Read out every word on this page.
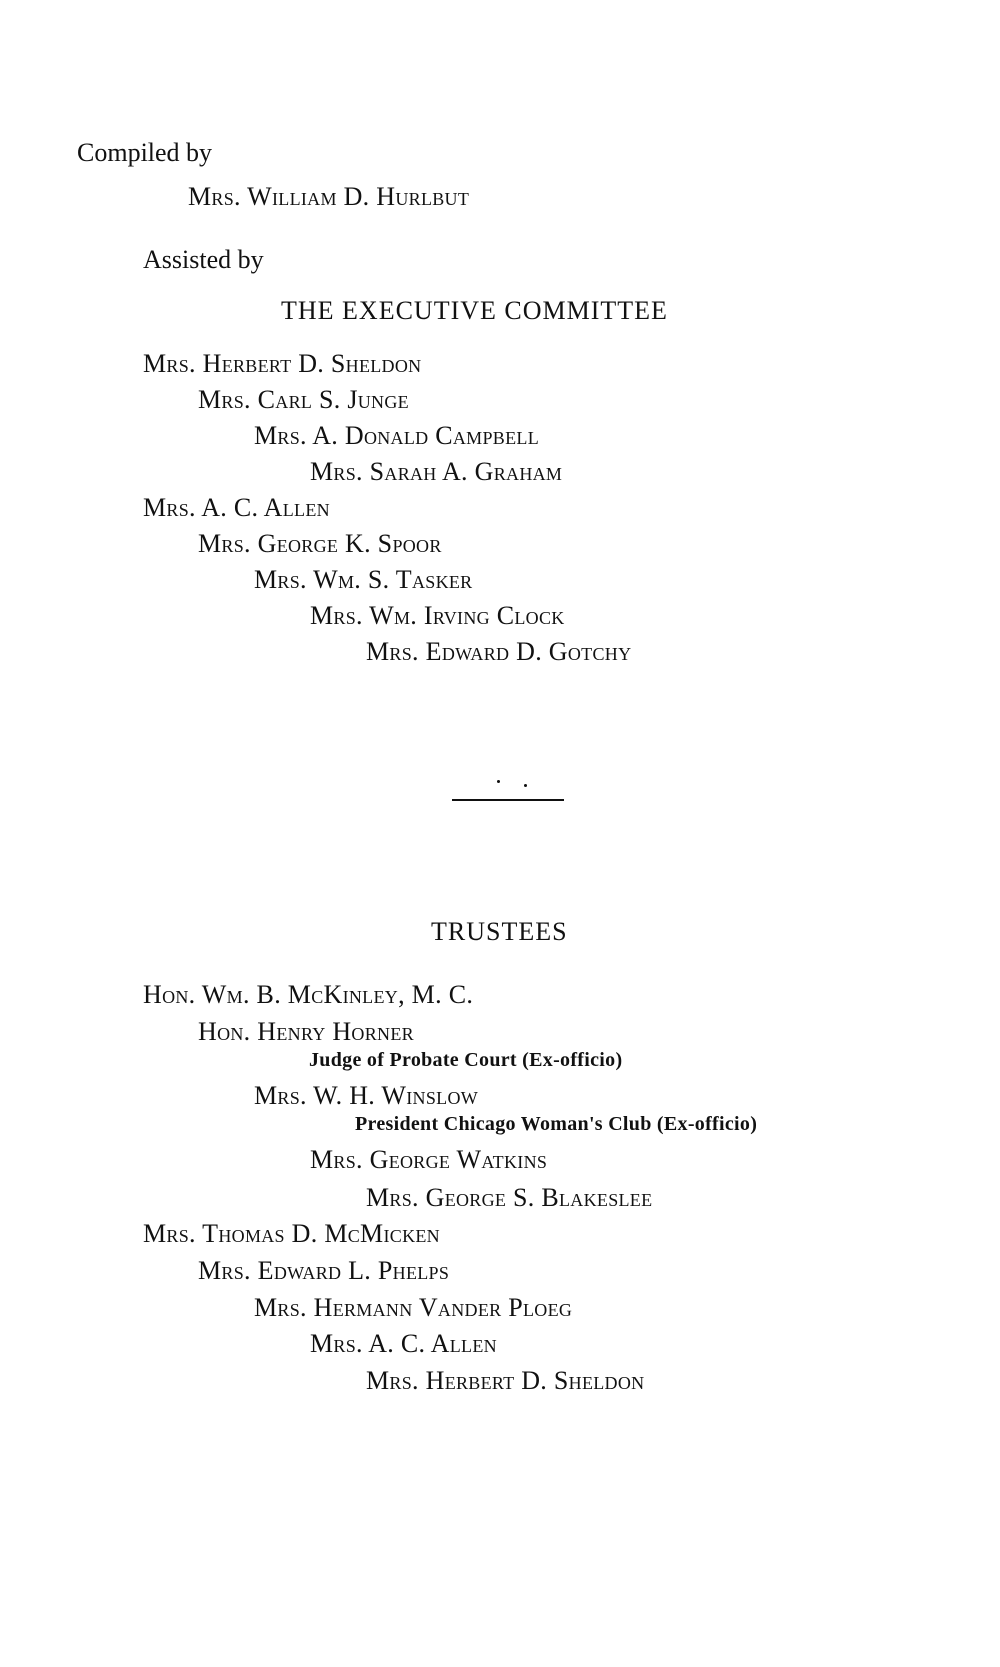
Compiled by
Mrs. William D. Hurlbut
Assisted by
THE EXECUTIVE COMMITTEE
Mrs. Herbert D. Sheldon
Mrs. Carl S. Junge
Mrs. A. Donald Campbell
Mrs. Sarah A. Graham
Mrs. A. C. Allen
Mrs. George K. Spoor
Mrs. Wm. S. Tasker
Mrs. Wm. Irving Clock
Mrs. Edward D. Gotchy
TRUSTEES
Hon. Wm. B. McKinley, M. C.
Hon. Henry Horner
Judge of Probate Court (Ex-officio)
Mrs. W. H. Winslow
President Chicago Woman's Club (Ex-officio)
Mrs. George Watkins
Mrs. George S. Blakeslee
Mrs. Thomas D. McMicken
Mrs. Edward L. Phelps
Mrs. Hermann Vander Ploeg
Mrs. A. C. Allen
Mrs. Herbert D. Sheldon
